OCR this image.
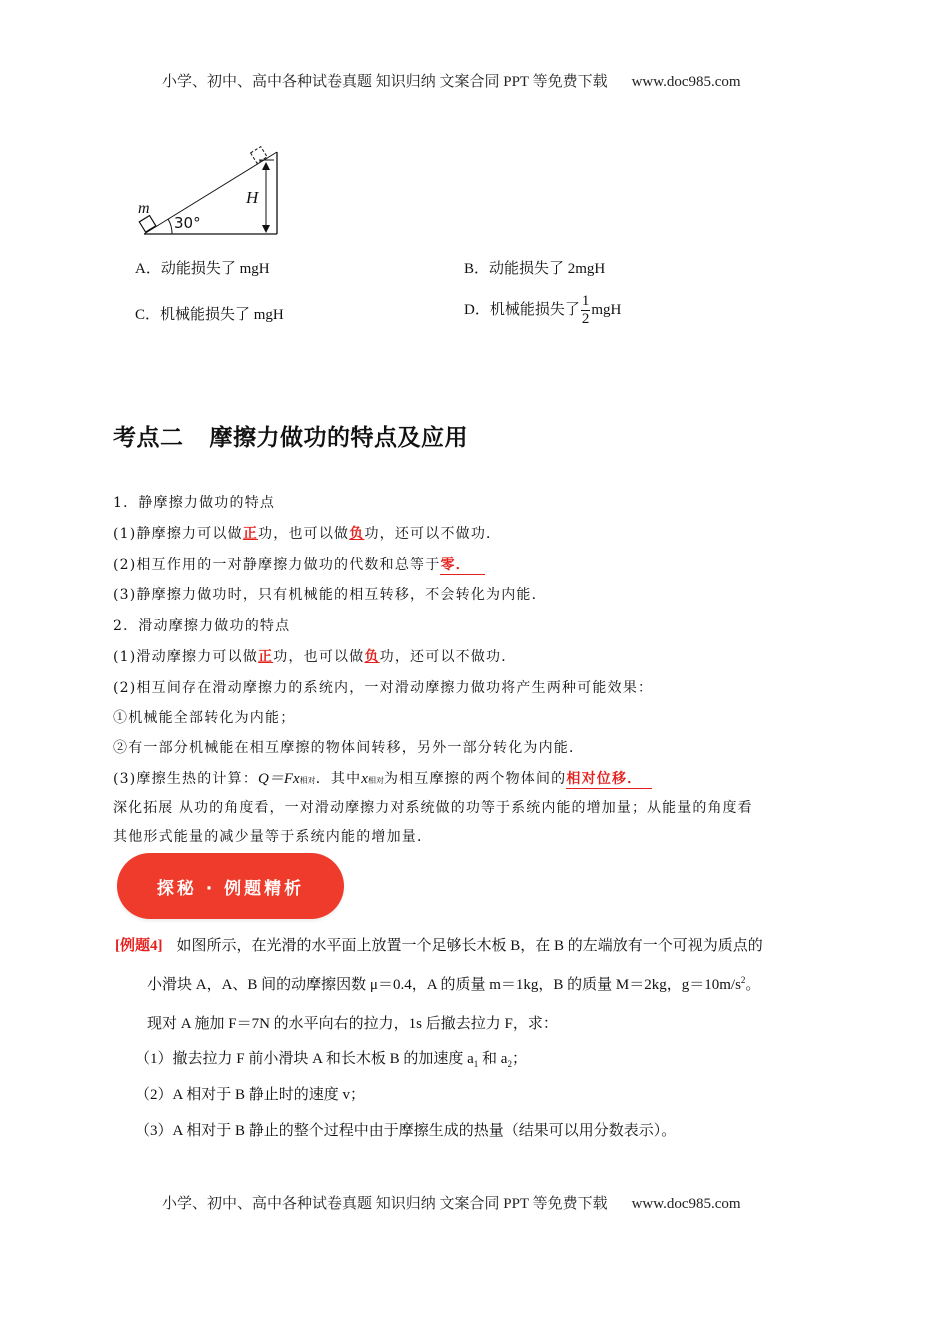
小学、初中、高中各种试卷真题 知识归纳 文案合同 PPT 等免费下载 www.doc985.com
m
30°
H
A．动能损失了 mgH	B．动能损失了 2mgH
C．机械能损失了 mgH	D．机械能损失了 $\frac{1}{2}$ mgH
考点二 摩擦力做功的特点及应用
1．静摩擦力做功的特点
(1)静摩擦力可以做正功，也可以做负功，还可以不做功．
(2)相互作用的一对静摩擦力做功的代数和总等于零．
(3)静摩擦力做功时，只有机械能的相互转移，不会转化为内能．
2．滑动摩擦力做功的特点
(1)滑动摩擦力可以做正功，也可以做负功，还可以不做功．
(2)相互间存在滑动摩擦力的系统内，一对滑动摩擦力做功将产生两种可能效果：
①机械能全部转化为内能；
②有一部分机械能在相互摩擦的物体间转移，另外一部分转化为内能．
(3)摩擦生热的计算：Q＝Fx相对．其中x相对为相互摩擦的两个物体间的相对位移．
深化拓展 从功的角度看，一对滑动摩擦力对系统做的功等于系统内能的增加量；从能量的角度看
其他形式能量的减少量等于系统内能的增加量．
探秘 · 例题精析
[例题4] 如图所示，在光滑的水平面上放置一个足够长木板 B，在 B 的左端放有一个可视为质点的
小滑块 A，A、B 间的动摩擦因数 μ＝0.4，A 的质量 m＝1kg，B 的质量 M＝2kg，$g=10m/s^2$。
现对 A 施加 F＝7N 的水平向右的拉力，1s 后撤去拉力 F，求：
（1）撤去拉力 F 前小滑块 A 和长木板 B 的加速度 $a_1$ 和 $a_2$；
（2）A 相对于 B 静止时的速度 v；
（3）A 相对于 B 静止的整个过程中由于摩擦生成的热量（结果可以用分数表示）。
小学、初中、高中各种试卷真题 知识归纳 文案合同 PPT 等免费下载 www.doc985.com
